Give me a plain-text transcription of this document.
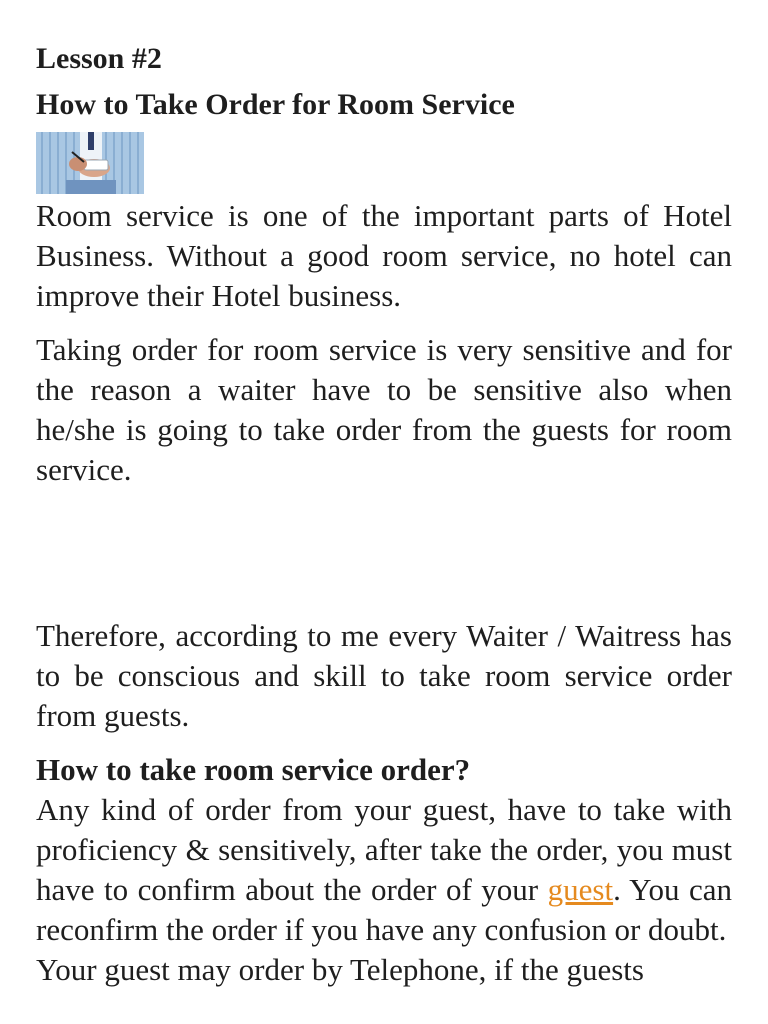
Lesson #2
How to Take Order for Room Service

Room service is one of the important parts of Hotel Business. Without a good room service, no hotel can improve their Hotel business.

Taking order for room service is very sensitive and for the reason a waiter have to be sensitive also when he/she is going to take order from the guests for room service.

Therefore, according to me every Waiter / Waitress has to be conscious and skill to take room service order from guests.

How to take room service order?

Any kind of order from your guest, have to take with proficiency & sensitively, after take the order, you must have to confirm about the order of your guest. You can reconfirm the order if you have any confusion or doubt.

Your guest may order by Telephone, if the guests
